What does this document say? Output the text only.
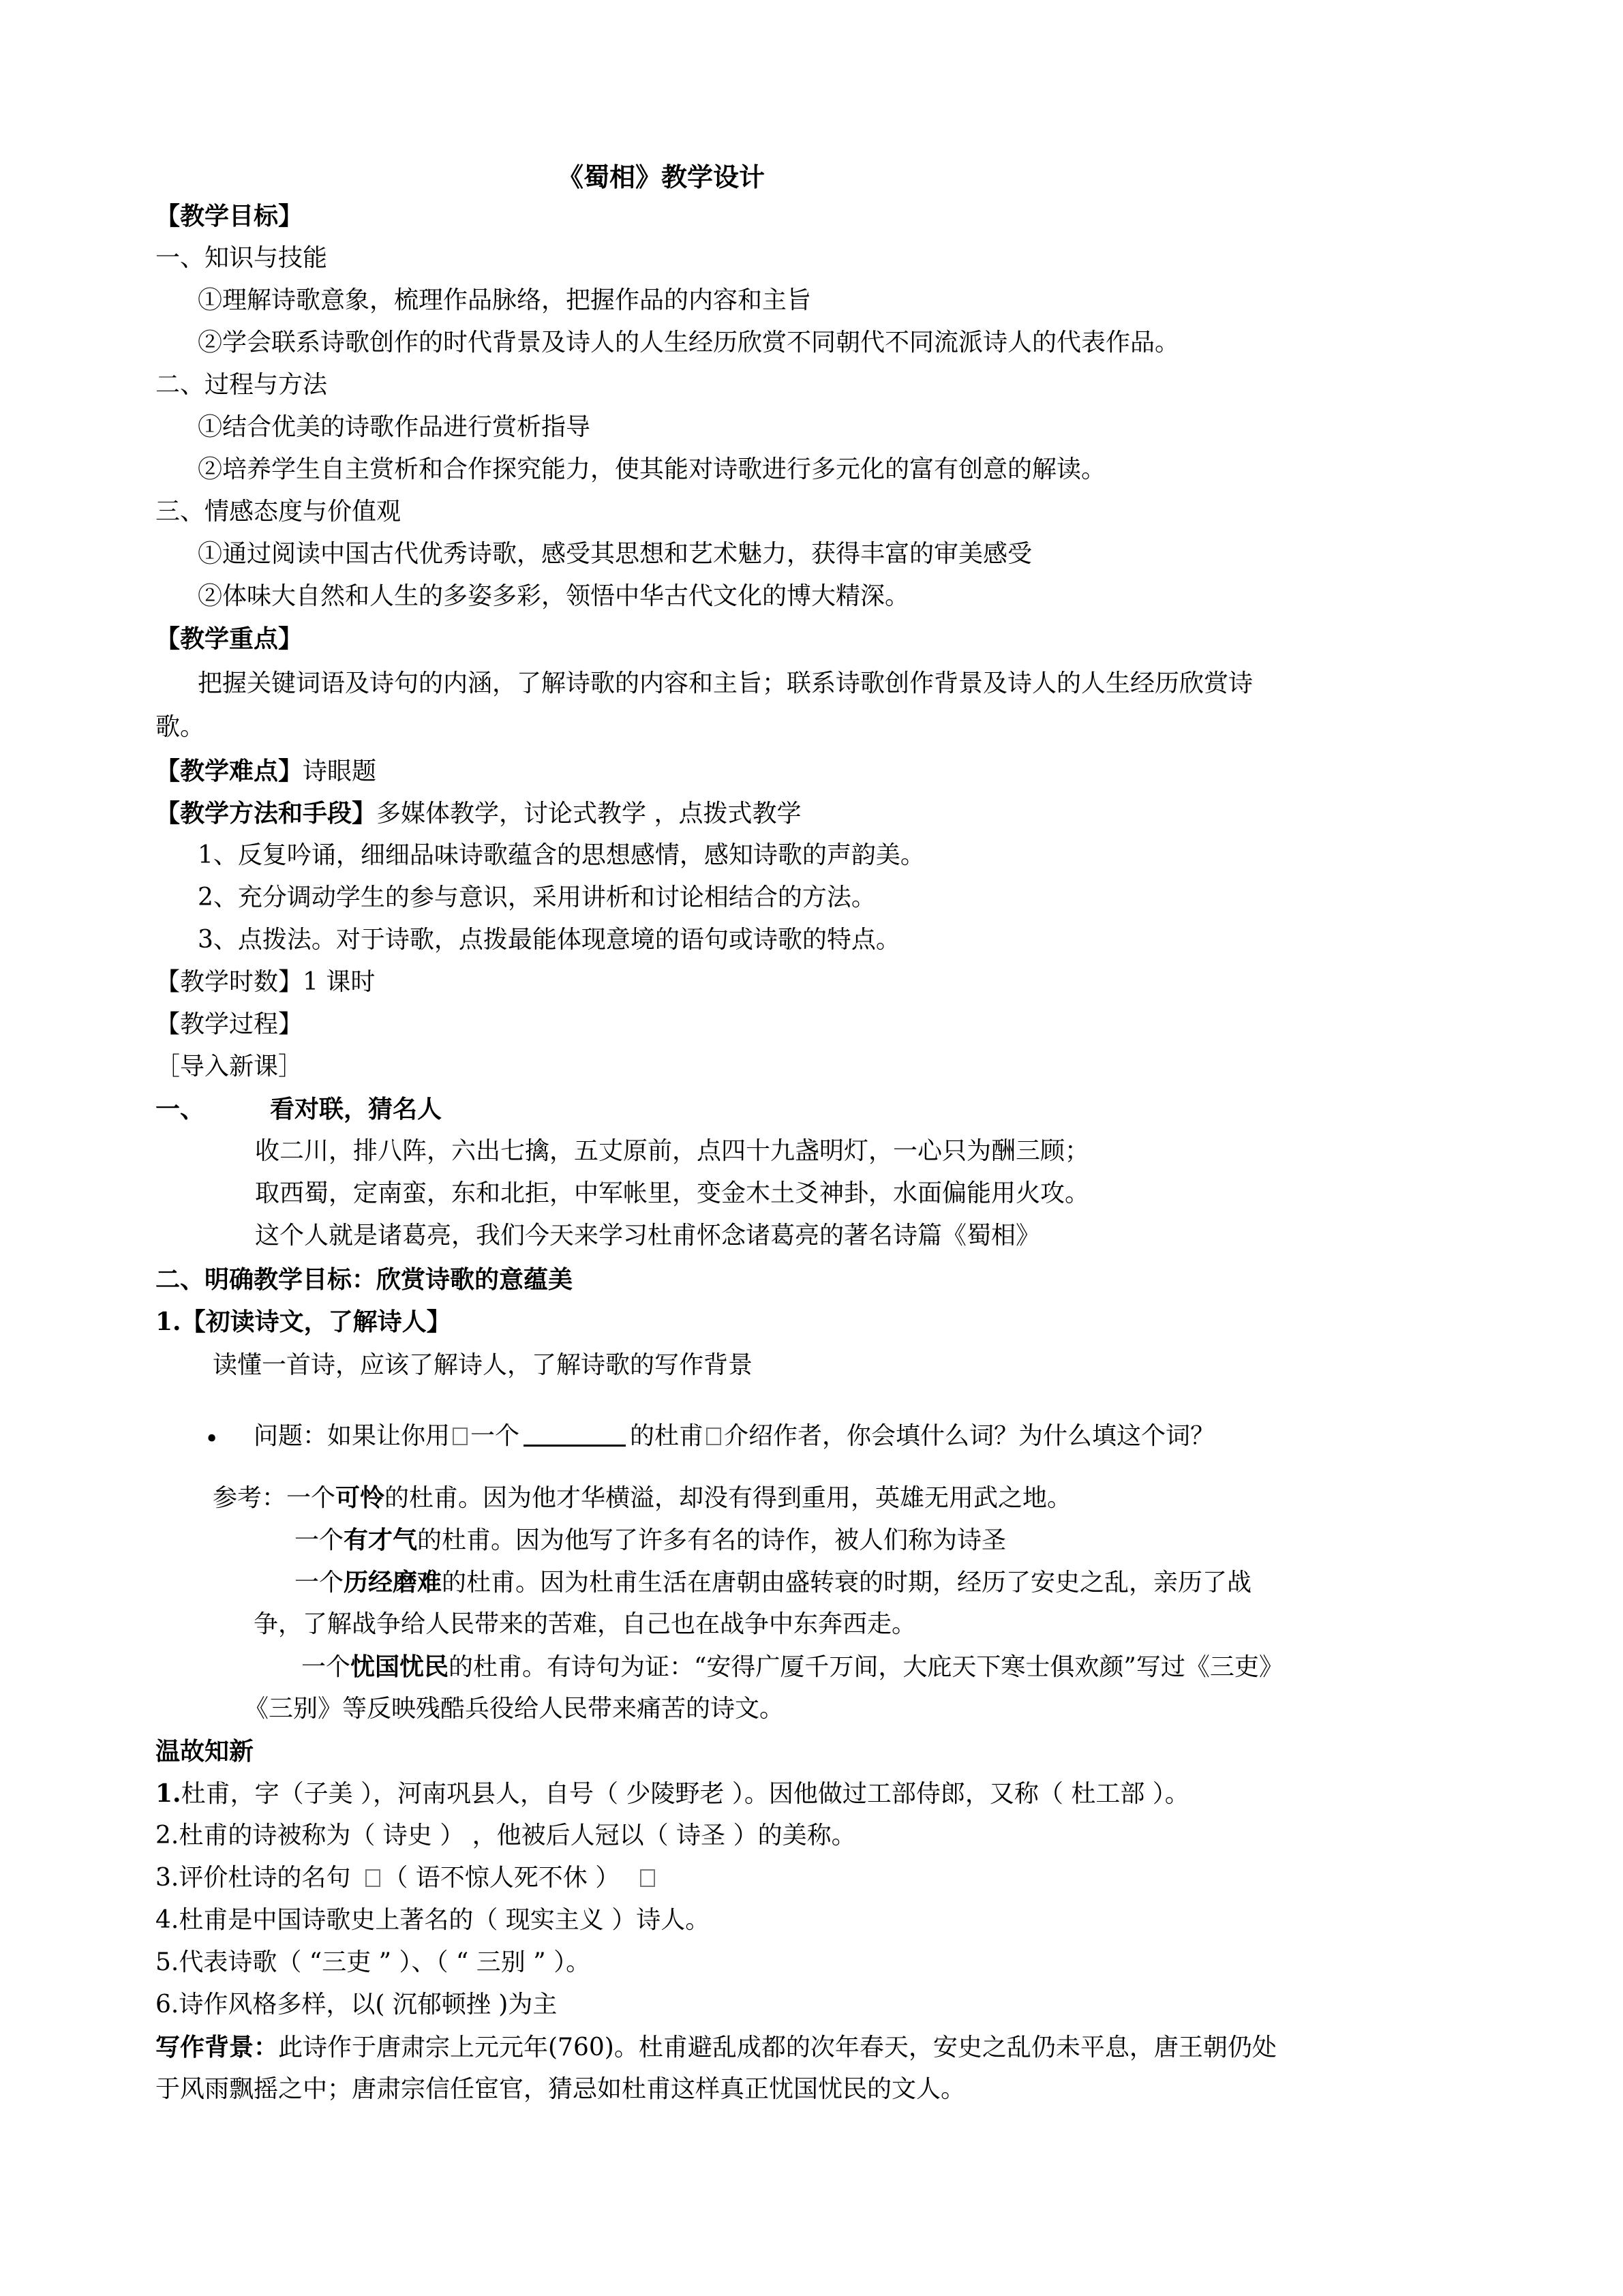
《蜀相》教学设计
【教学目标】
一、知识与技能
①理解诗歌意象，梳理作品脉络，把握作品的内容和主旨
②学会联系诗歌创作的时代背景及诗人的人生经历欣赏不同朝代不同流派诗人的代表作品。
二、过程与方法
①结合优美的诗歌作品进行赏析指导
②培养学生自主赏析和合作探究能力，使其能对诗歌进行多元化的富有创意的解读。
三、情感态度与价值观
①通过阅读中国古代优秀诗歌，感受其思想和艺术魅力，获得丰富的审美感受
②体味大自然和人生的多姿多彩，领悟中华古代文化的博大精深。
【教学重点】
把握关键词语及诗句的内涵，了解诗歌的内容和主旨；联系诗歌创作背景及诗人的人生经历欣赏诗
歌。
【教学难点】诗眼题
【教学方法和手段】多媒体教学，讨论式教学 ，点拨式教学
1、反复吟诵，细细品味诗歌蕴含的思想感情，感知诗歌的声韵美。
2、充分调动学生的参与意识，采用讲析和讨论相结合的方法。
3、点拨法。对于诗歌，点拨最能体现意境的语句或诗歌的特点。
【教学时数】1 课时
【教学过程】
［导入新课］
一、	看对联，猜名人
收二川，排八阵，六出七擒，五丈原前，点四十九盏明灯，一心只为酬三顾；
取西蜀，定南蛮，东和北拒，中军帐里，变金木土爻神卦，水面偏能用火攻。
这个人就是诸葛亮，我们今天来学习杜甫怀念诸葛亮的著名诗篇《蜀相》
二、明确教学目标：欣赏诗歌的意蕴美
1.【初读诗文，了解诗人】
读懂一首诗，应该了解诗人，了解诗歌的写作背景
• 问题：如果让你用 一个	的杜甫 介绍作者，你会填什么词？为什么填这个词？
参考：一个可怜的杜甫。因为他才华横溢，却没有得到重用，英雄无用武之地。
一个有才气的杜甫。因为他写了许多有名的诗作，被人们称为诗圣
一个历经磨难的杜甫。因为杜甫生活在唐朝由盛转衰的时期，经历了安史之乱，亲历了战
争，了解战争给人民带来的苦难，自己也在战争中东奔西走。
一个忧国忧民的杜甫。有诗句为证：“安得广厦千万间，大庇天下寒士俱欢颜”写过《三吏》
《三别》等反映残酷兵役给人民带来痛苦的诗文。
温故知新
1.杜甫，字（子美 ），河南巩县人，自号（ 少陵野老 ）。因他做过工部侍郎，又称（ 杜工部 ）。
2.杜甫的诗被称为（ 诗史 ） ，他被后人冠以（ 诗圣 ）的美称。
3.评价杜诗的名句 （ 语不惊人死不休 ）
4.杜甫是中国诗歌史上著名的（ 现实主义 ）诗人。
5.代表诗歌（ “三吏 ” ）、（ “ 三别 ” ）。
6.诗作风格多样，以( 沉郁顿挫 )为主
写作背景：此诗作于唐肃宗上元元年(760)。杜甫避乱成都的次年春天，安史之乱仍未平息，唐王朝仍处
于风雨飘摇之中；唐肃宗信任宦官，猜忌如杜甫这样真正忧国忧民的文人。
